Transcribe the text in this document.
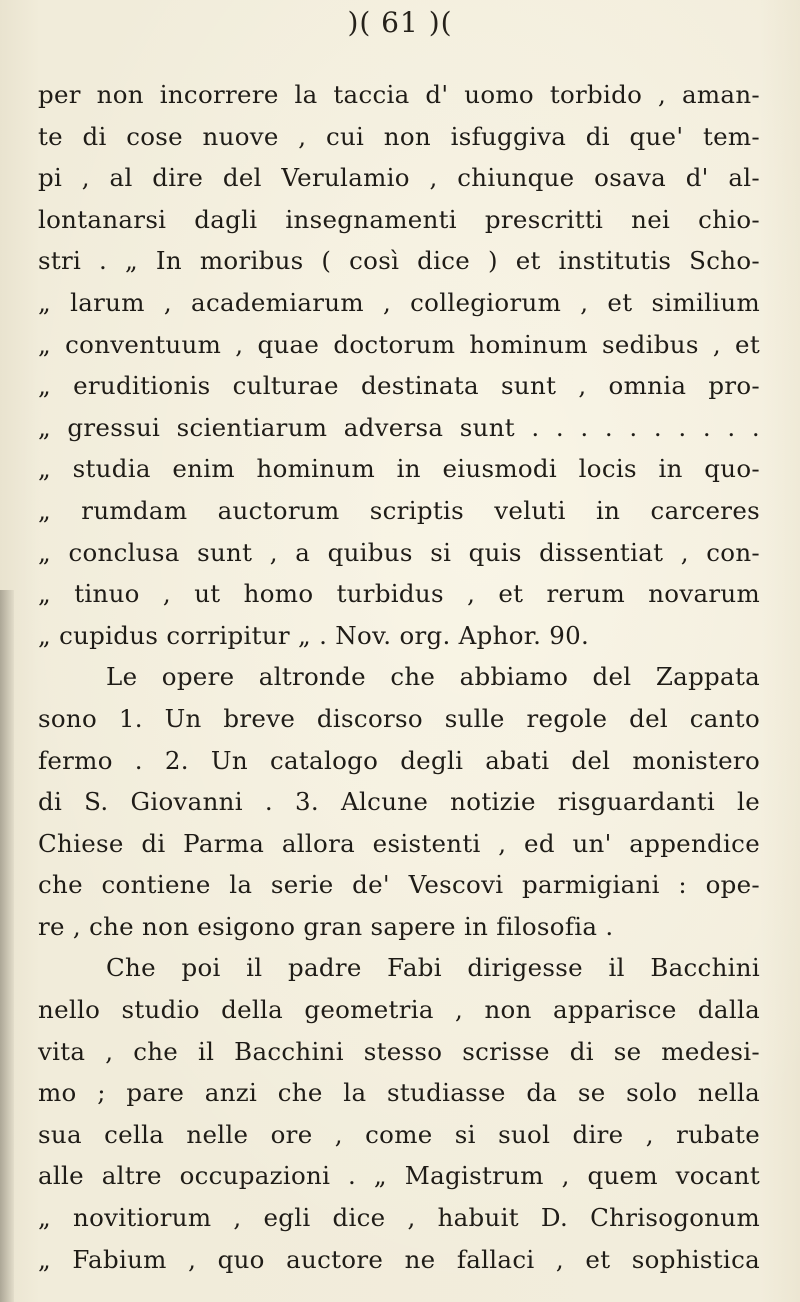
)( 61 )(
per non incorrere la taccia d' uomo torbido , aman-
te di cose nuove , cui non isfuggiva di que' tem-
pi , al dire del Verulamio , chiunque osava d' al-
lontanarsi dagli insegnamenti prescritti nei chio-
stri . „ In moribus ( così dice ) et institutis Scho-
„ larum , academiarum , collegiorum , et similium
„ conventuum , quae doctorum hominum sedibus , et
„ eruditionis culturae destinata sunt , omnia pro-
„ gressui scientiarum adversa sunt . . . . . . . . . .
„ studia enim hominum in eiusmodi locis in quo-
„ rumdam auctorum scriptis veluti in carceres
„ conclusa sunt , a quibus si quis dissentiat , con-
„ tinuo , ut homo turbidus , et rerum novarum
„ cupidus corripitur „ . Nov. org. Aphor. 90.
Le opere altronde che abbiamo del Zappata
sono 1. Un breve discorso sulle regole del canto
fermo . 2. Un catalogo degli abati del monistero
di S. Giovanni . 3. Alcune notizie risguardanti le
Chiese di Parma allora esistenti , ed un' appendice
che contiene la serie de' Vescovi parmigiani : ope-
re , che non esigono gran sapere in filosofia .
Che poi il padre Fabi dirigesse il Bacchini
nello studio della geometria , non apparisce dalla
vita , che il Bacchini stesso scrisse di se medesi-
mo ; pare anzi che la studiasse da se solo nella
sua cella nelle ore , come si suol dire , rubate
alle altre occupazioni . „ Magistrum , quem vocant
„ novitiorum , egli dice , habuit D. Chrisogonum
„ Fabium , quo auctore ne fallaci , et sophistica
